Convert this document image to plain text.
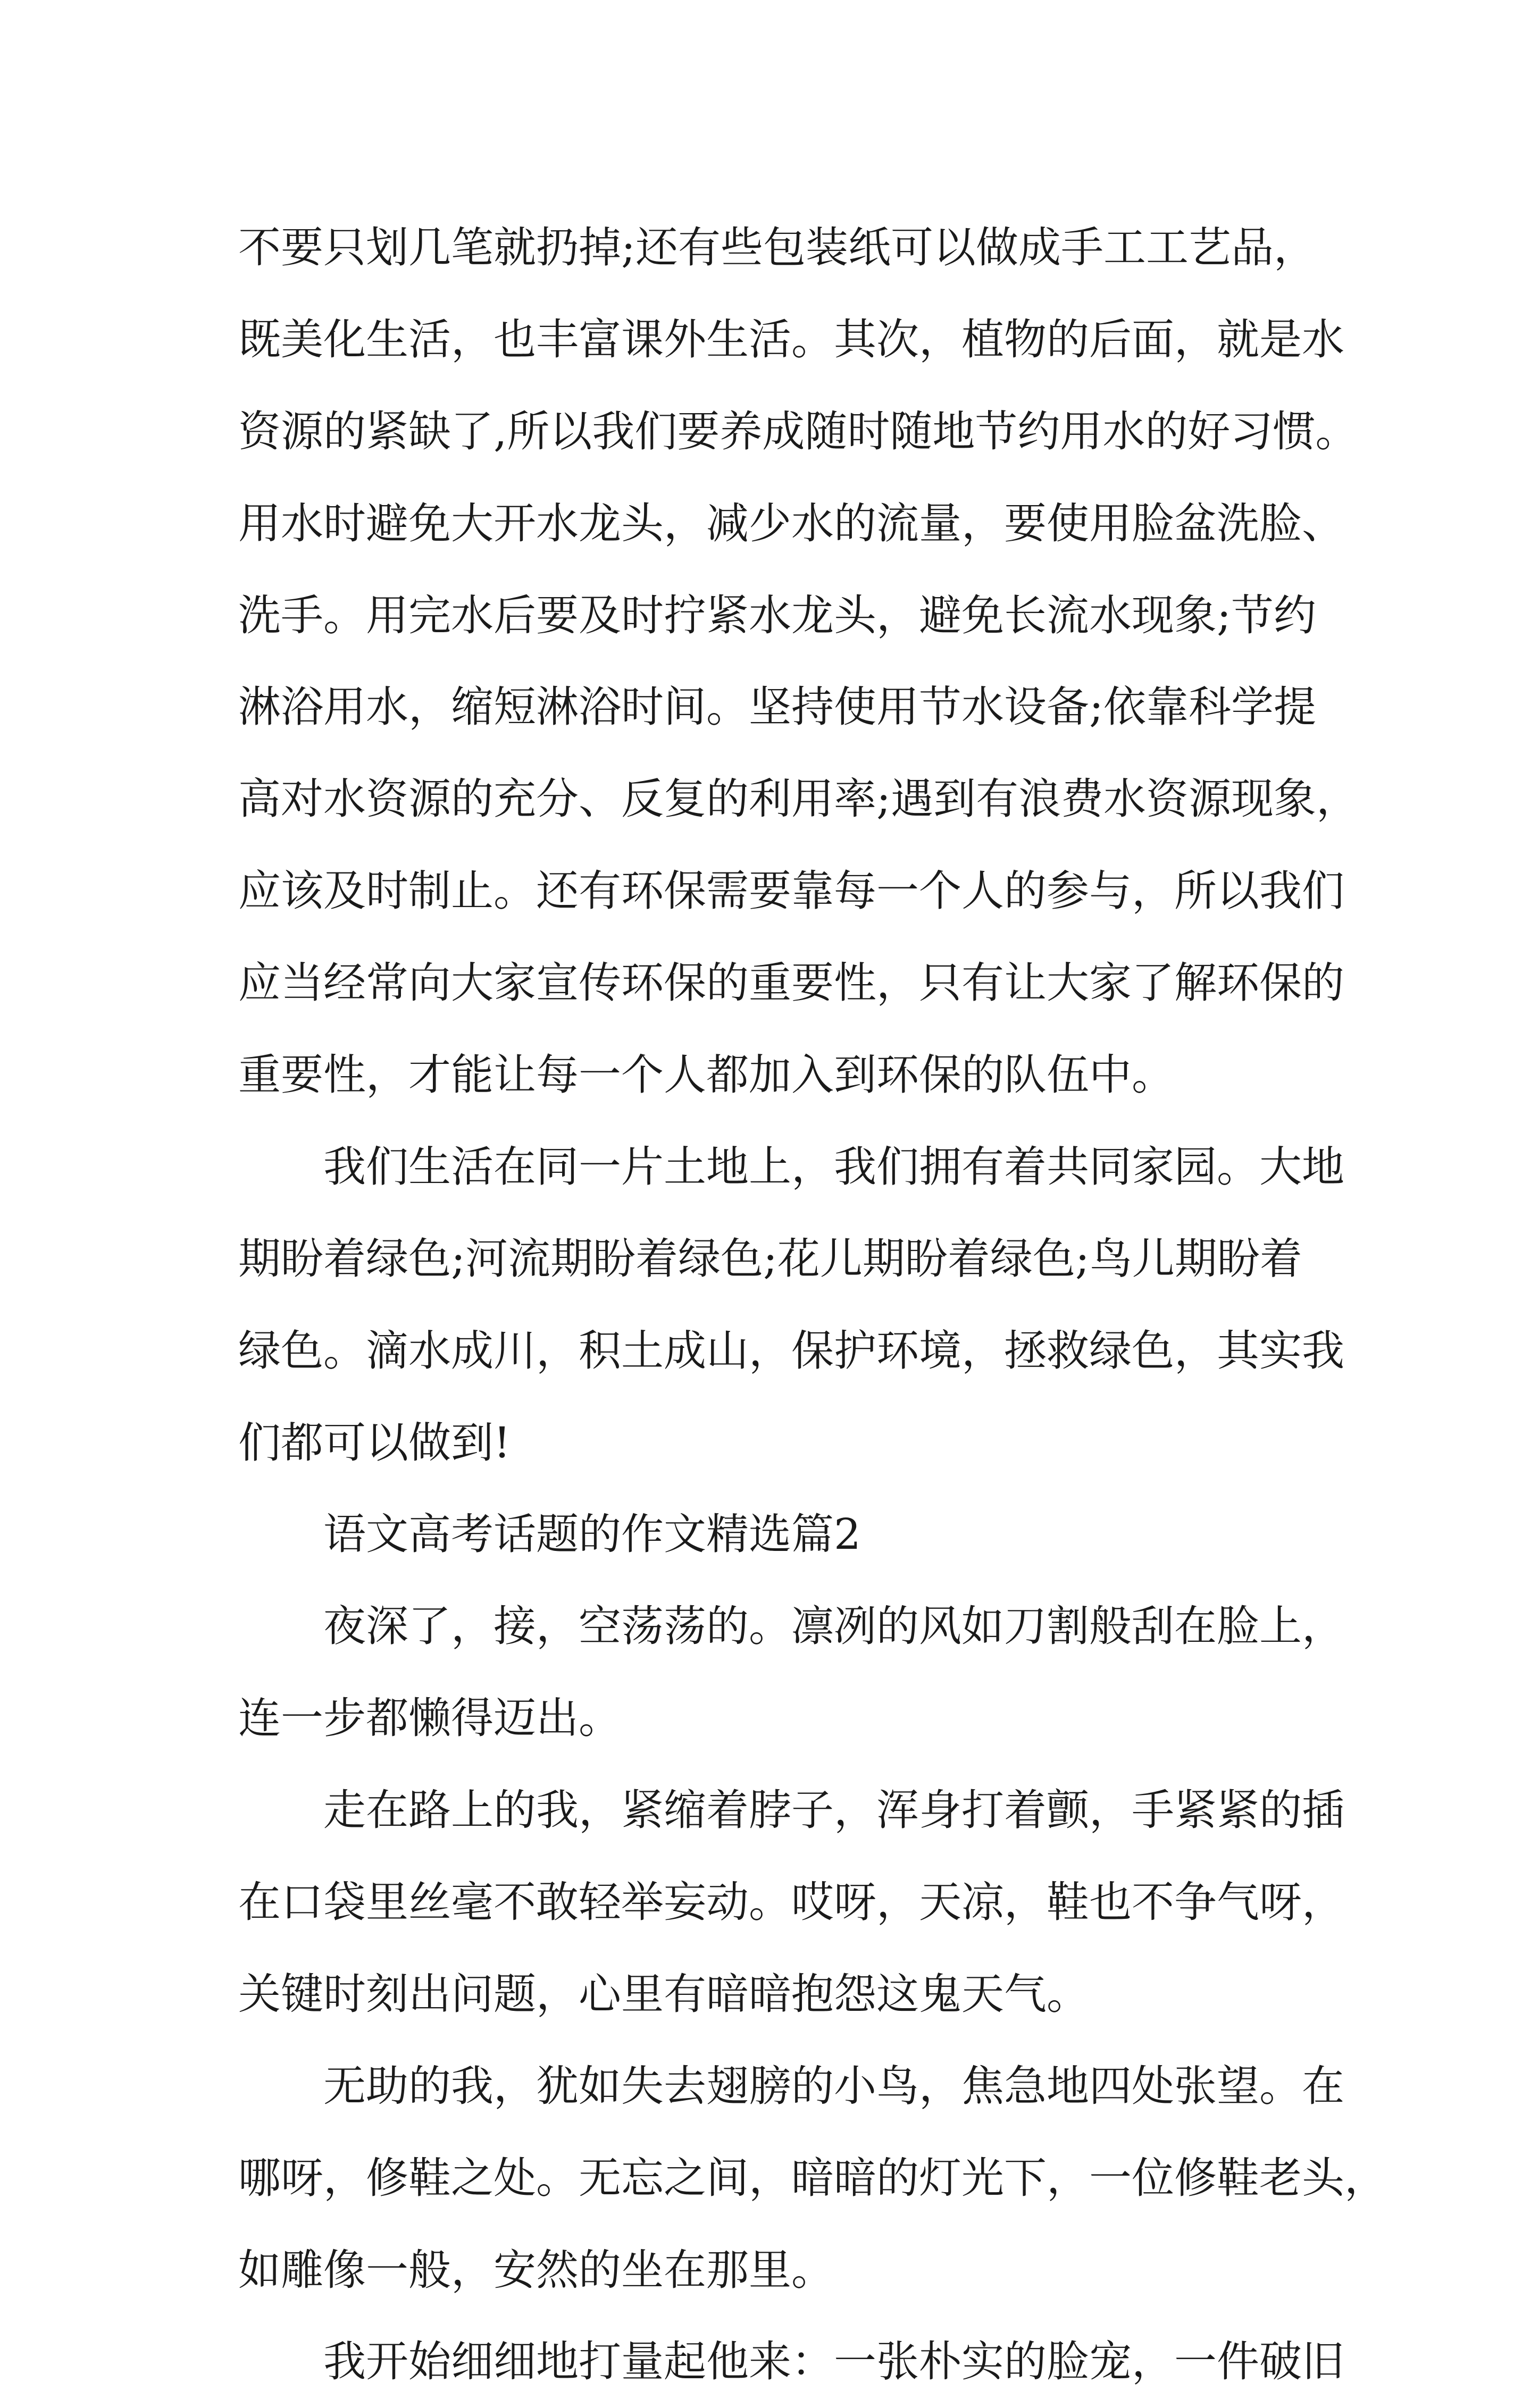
不要只划几笔就扔掉;还有些包装纸可以做成手工工艺品，
既美化生活，也丰富课外生活。其次，植物的后面，就是水
资源的紧缺了,所以我们要养成随时随地节约用水的好习惯。
用水时避免大开水龙头，减少水的流量，要使用脸盆洗脸、
洗手。用完水后要及时拧紧水龙头，避免长流水现象;节约
淋浴用水，缩短淋浴时间。坚持使用节水设备;依靠科学提
高对水资源的充分、反复的利用率;遇到有浪费水资源现象，
应该及时制止。还有环保需要靠每一个人的参与，所以我们
应当经常向大家宣传环保的重要性，只有让大家了解环保的
重要性，才能让每一个人都加入到环保的队伍中。
我们生活在同一片土地上，我们拥有着共同家园。大地
期盼着绿色;河流期盼着绿色;花儿期盼着绿色;鸟儿期盼着
绿色。滴水成川，积土成山，保护环境，拯救绿色，其实我
们都可以做到!
语文高考话题的作文精选篇2
夜深了，接，空荡荡的。凛冽的风如刀割般刮在脸上，
连一步都懒得迈出。
走在路上的我，紧缩着脖子，浑身打着颤，手紧紧的插
在口袋里丝毫不敢轻举妄动。哎呀，天凉，鞋也不争气呀，
关键时刻出问题，心里有暗暗抱怨这鬼天气。
无助的我，犹如失去翅膀的小鸟，焦急地四处张望。在
哪呀，修鞋之处。无忘之间，暗暗的灯光下，一位修鞋老头，
如雕像一般，安然的坐在那里。
我开始细细地打量起他来：一张朴实的脸宠，一件破旧
